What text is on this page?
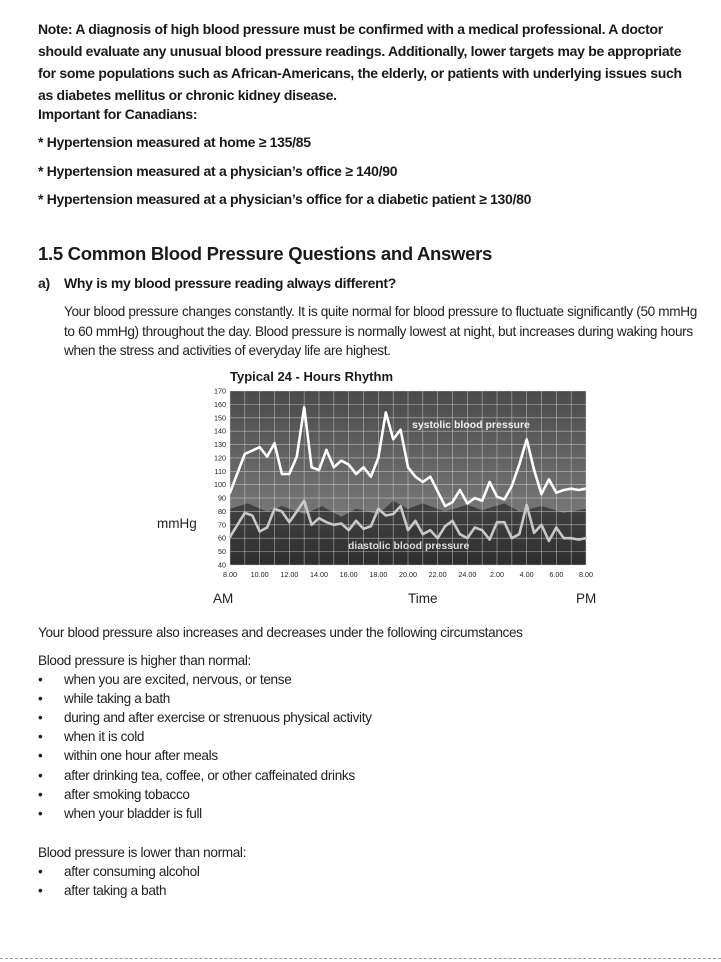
Note: A diagnosis of high blood pressure must be confirmed with a medical professional. A doctor should evaluate any unusual blood pressure readings. Additionally, lower targets may be appropriate for some populations such as African-Americans, the elderly, or patients with underlying issues such as diabetes mellitus or chronic kidney disease.
Important for Canadians:
* Hypertension measured at home ≥ 135/85
* Hypertension measured at a physician’s office ≥ 140/90
* Hypertension measured at a physician’s office for a diabetic patient ≥ 130/80
1.5 Common Blood Pressure Questions and Answers
a) Why is my blood pressure reading always different?
Your blood pressure changes constantly. It is quite normal for blood pressure to fluctuate significantly (50 mmHg to 60 mmHg) throughout the day. Blood pressure is normally lowest at night, but increases during waking hours when the stress and activities of everyday life are highest.
Typical 24 - Hours Rhythm
40
50
60
70
80
90
100
110
120
130
140
150
160
170
8.00 10.00 12.00 14.00 16.00 18.00 20.00 22.00 24.00 2.00 4.00 6.00 8.00
systolic blood pressure
diastolic blood pressure
mmHg
AM	Time	PM
Your blood pressure also increases and decreases under the following circumstances
Blood pressure is higher than normal:
• when you are excited, nervous, or tense
• while taking a bath
• during and after exercise or strenuous physical activity
• when it is cold
• within one hour after meals
• after drinking tea, coffee, or other caffeinated drinks
• after smoking tobacco
• when your bladder is full
Blood pressure is lower than normal:
• after consuming alcohol
• after taking a bath
